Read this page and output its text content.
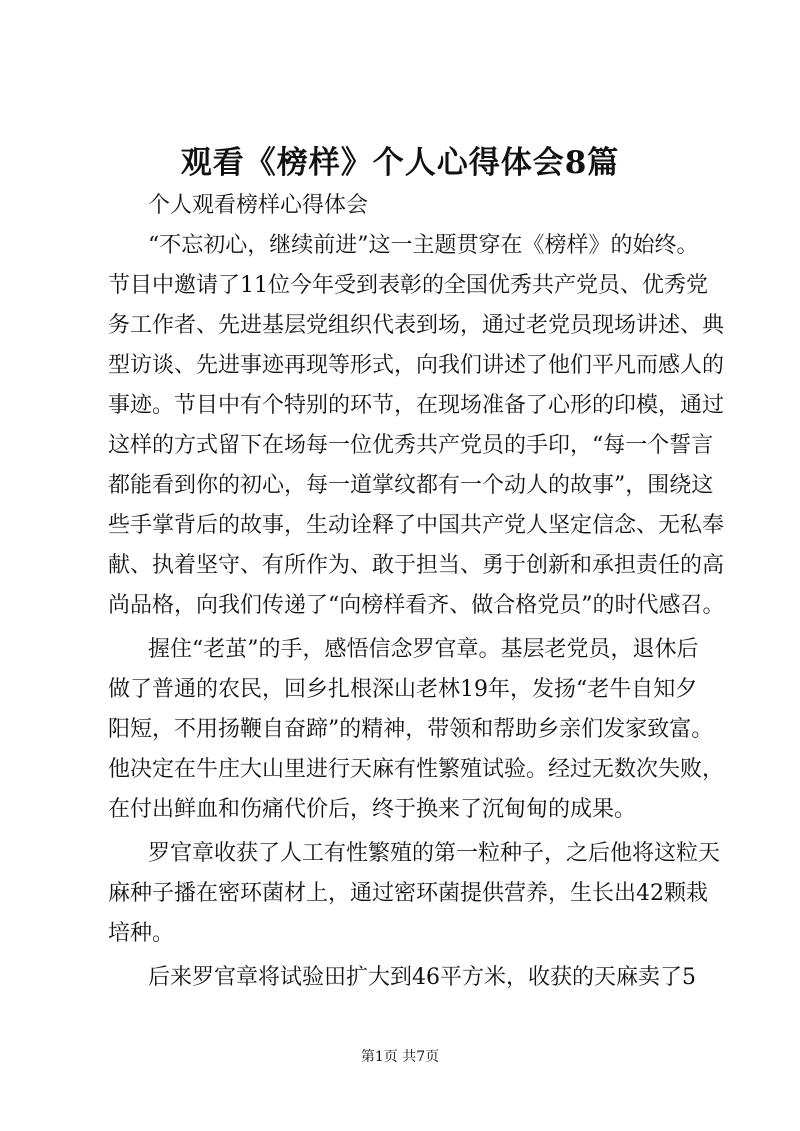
观看《榜样》个人心得体会8篇

个人观看榜样心得体会

“不忘初心，继续前进”这一主题贯穿在《榜样》的始终。

节目中邀请了11位今年受到表彰的全国优秀共产党员、优秀党

务工作者、先进基层党组织代表到场，通过老党员现场讲述、典

型访谈、先进事迹再现等形式，向我们讲述了他们平凡而感人的

事迹。节目中有个特别的环节，在现场准备了心形的印模，通过

这样的方式留下在场每一位优秀共产党员的手印，“每一个誓言

都能看到你的初心，每一道掌纹都有一个动人的故事”，围绕这

些手掌背后的故事，生动诠释了中国共产党人坚定信念、无私奉

献、执着坚守、有所作为、敢于担当、勇于创新和承担责任的高

尚品格，向我们传递了“向榜样看齐、做合格党员”的时代感召。

握住“老茧”的手，感悟信念罗官章。基层老党员，退休后

做了普通的农民，回乡扎根深山老林19年，发扬“老牛自知夕

阳短，不用扬鞭自奋蹄”的精神，带领和帮助乡亲们发家致富。

他决定在牛庄大山里进行天麻有性繁殖试验。经过无数次失败，

在付出鲜血和伤痛代价后，终于换来了沉甸甸的成果。

罗官章收获了人工有性繁殖的第一粒种子，之后他将这粒天

麻种子播在密环菌材上，通过密环菌提供营养，生长出42颗栽

培种。

后来罗官章将试验田扩大到46平方米，收获的天麻卖了5

第1页 共7页
